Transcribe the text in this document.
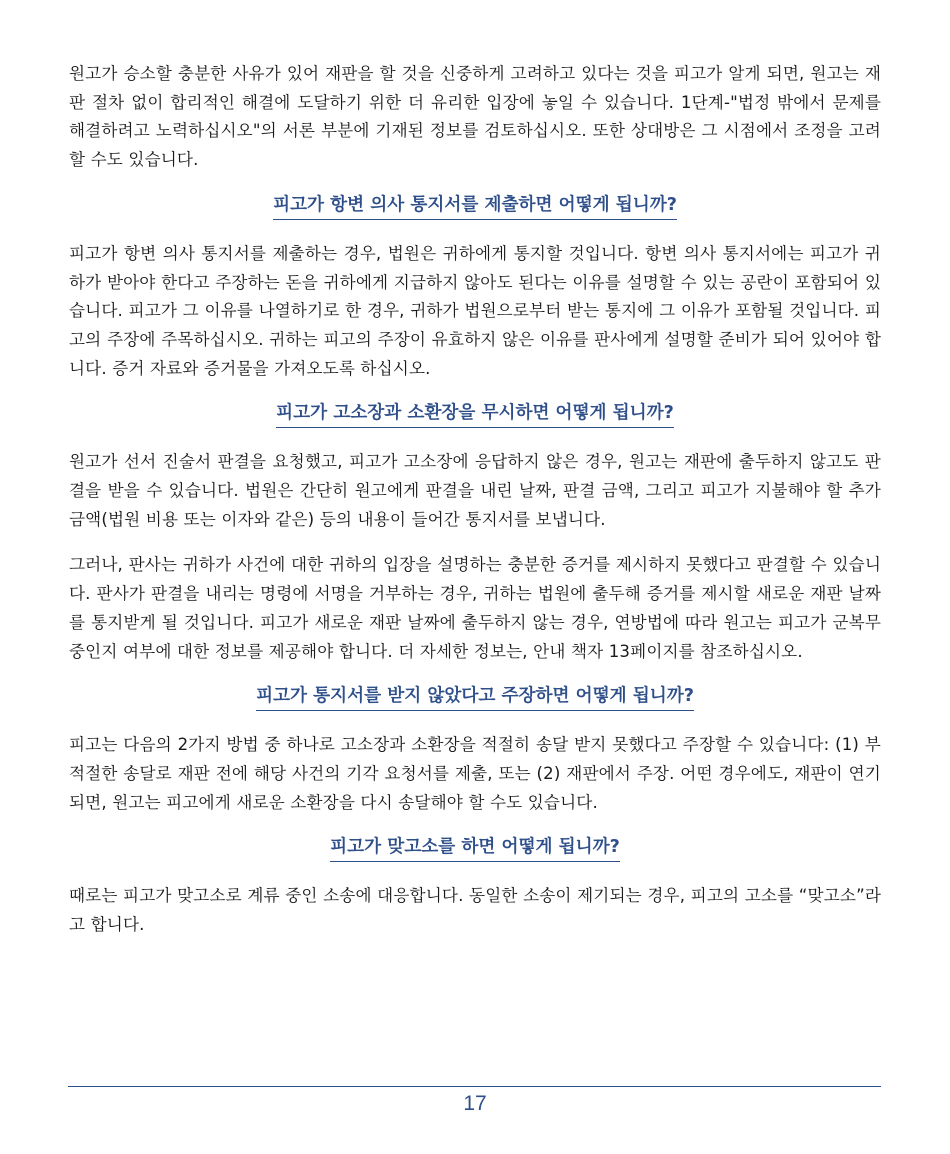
원고가 승소할 충분한 사유가 있어 재판을 할 것을 신중하게 고려하고 있다는 것을 피고가 알게 되면, 원고는 재판 절차 없이 합리적인 해결에 도달하기 위한 더 유리한 입장에 놓일 수 있습니다. 1단계-"법정 밖에서 문제를 해결하려고 노력하십시오"의 서론 부분에 기재된 정보를 검토하십시오. 또한 상대방은 그 시점에서 조정을 고려할 수도 있습니다.

피고가 항변 의사 통지서를 제출하면 어떻게 됩니까?

피고가 항변 의사 통지서를 제출하는 경우, 법원은 귀하에게 통지할 것입니다. 항변 의사 통지서에는 피고가 귀하가 받아야 한다고 주장하는 돈을 귀하에게 지급하지 않아도 된다는 이유를 설명할 수 있는 공란이 포함되어 있습니다. 피고가 그 이유를 나열하기로 한 경우, 귀하가 법원으로부터 받는 통지에 그 이유가 포함될 것입니다. 피고의 주장에 주목하십시오. 귀하는 피고의 주장이 유효하지 않은 이유를 판사에게 설명할 준비가 되어 있어야 합니다. 증거 자료와 증거물을 가져오도록 하십시오.

피고가 고소장과 소환장을 무시하면 어떻게 됩니까?

원고가 선서 진술서 판결을 요청했고, 피고가 고소장에 응답하지 않은 경우, 원고는 재판에 출두하지 않고도 판결을 받을 수 있습니다. 법원은 간단히 원고에게 판결을 내린 날짜, 판결 금액, 그리고 피고가 지불해야 할 추가 금액(법원 비용 또는 이자와 같은) 등의 내용이 들어간 통지서를 보냅니다.

그러나, 판사는 귀하가 사건에 대한 귀하의 입장을 설명하는 충분한 증거를 제시하지 못했다고 판결할 수 있습니다. 판사가 판결을 내리는 명령에 서명을 거부하는 경우, 귀하는 법원에 출두해 증거를 제시할 새로운 재판 날짜를 통지받게 될 것입니다. 피고가 새로운 재판 날짜에 출두하지 않는 경우, 연방법에 따라 원고는 피고가 군복무 중인지 여부에 대한 정보를 제공해야 합니다. 더 자세한 정보는, 안내 책자 13페이지를 참조하십시오.

피고가 통지서를 받지 않았다고 주장하면 어떻게 됩니까?

피고는 다음의 2가지 방법 중 하나로 고소장과 소환장을 적절히 송달 받지 못했다고 주장할 수 있습니다: (1) 부적절한 송달로 재판 전에 해당 사건의 기각 요청서를 제출, 또는 (2) 재판에서 주장. 어떤 경우에도, 재판이 연기되면, 원고는 피고에게 새로운 소환장을 다시 송달해야 할 수도 있습니다.

피고가 맞고소를 하면 어떻게 됩니까?

때로는 피고가 맞고소로 계류 중인 소송에 대응합니다. 동일한 소송이 제기되는 경우, 피고의 고소를 “맞고소”라고 합니다.

17
